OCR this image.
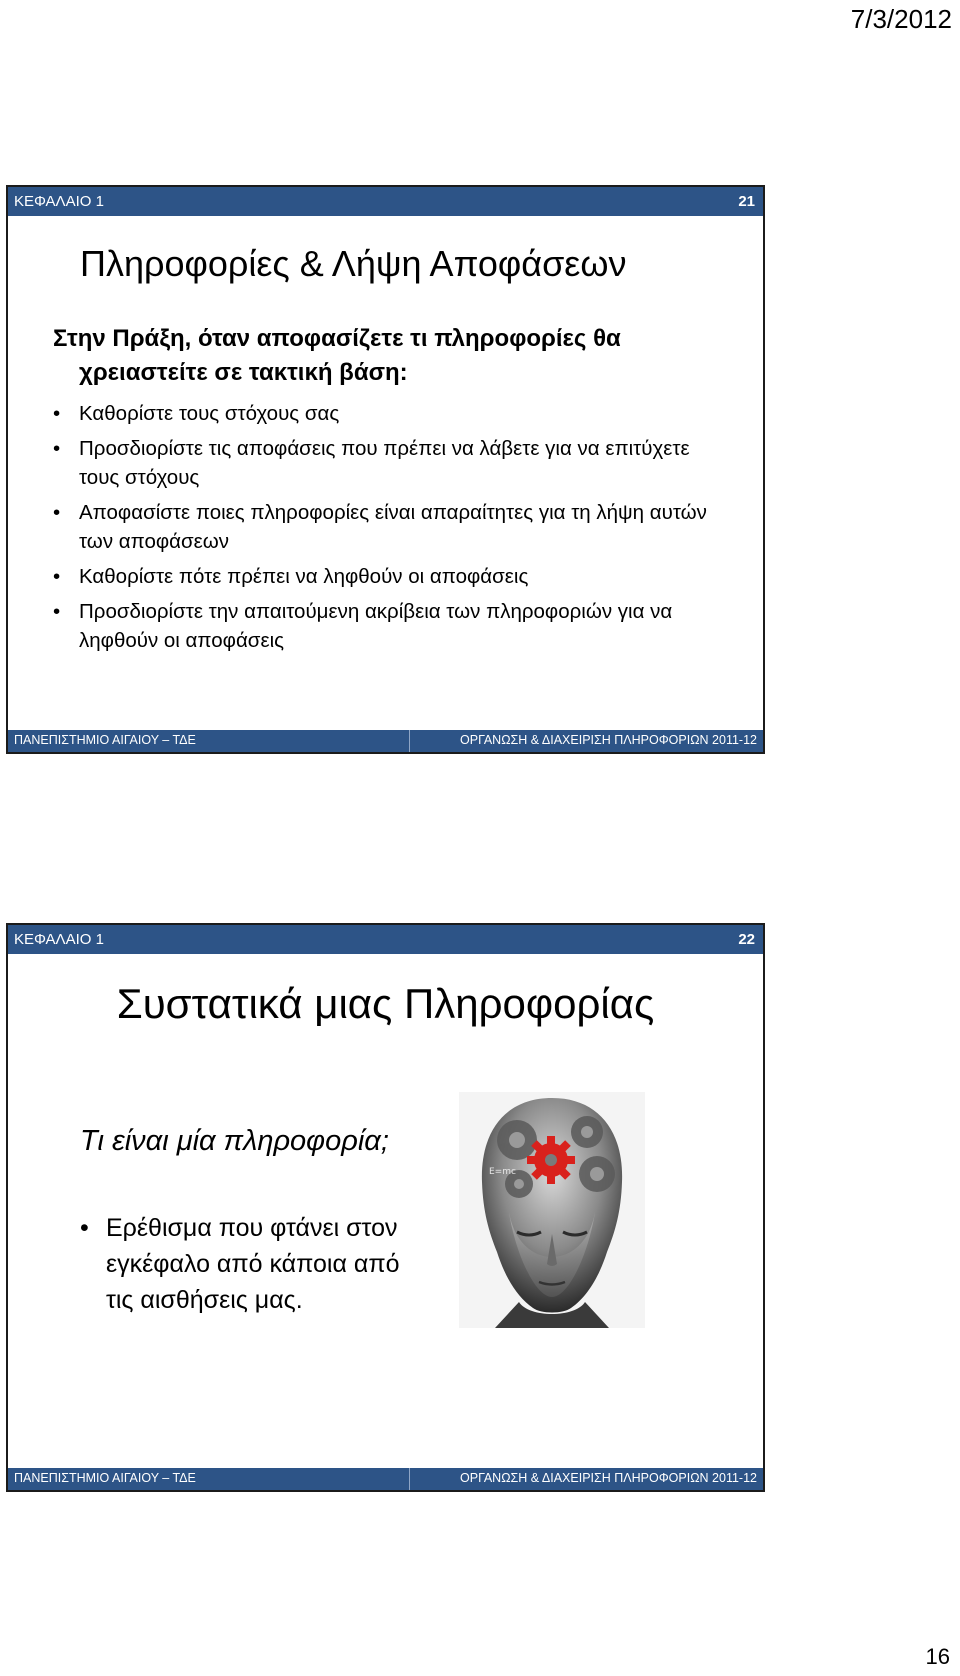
7/3/2012
ΚΕΦΑΛΑΙΟ 1	21
Πληροφορίες & Λήψη Αποφάσεων
Στην Πράξη, όταν αποφασίζετε τι πληροφορίες θα
χρειαστείτε σε τακτική βάση:
• Καθορίστε τους στόχους σας
• Προσδιορίστε τις αποφάσεις που πρέπει να λάβετε για να επιτύχετε τους στόχους
• Αποφασίστε ποιες πληροφορίες είναι απαραίτητες για τη λήψη αυτών των αποφάσεων
• Καθορίστε πότε πρέπει να ληφθούν οι αποφάσεις
• Προσδιορίστε την απαιτούμενη ακρίβεια των πληροφοριών για να ληφθούν οι αποφάσεις
ΠΑΝΕΠΙΣΤΗΜΙΟ ΑΙΓΑΙΟΥ – ΤΔΕ	ΟΡΓΑΝΩΣΗ & ΔΙΑΧΕΙΡΙΣΗ ΠΛΗΡΟΦΟΡΙΩΝ 2011-12
ΚΕΦΑΛΑΙΟ 1	22
Συστατικά μιας Πληροφορίας
Τι είναι μία πληροφορία;
• Ερέθισμα που φτάνει στον εγκέφαλο από κάποια από τις αισθήσεις μας.
E=mc
ΠΑΝΕΠΙΣΤΗΜΙΟ ΑΙΓΑΙΟΥ – ΤΔΕ	ΟΡΓΑΝΩΣΗ & ΔΙΑΧΕΙΡΙΣΗ ΠΛΗΡΟΦΟΡΙΩΝ 2011-12
16
